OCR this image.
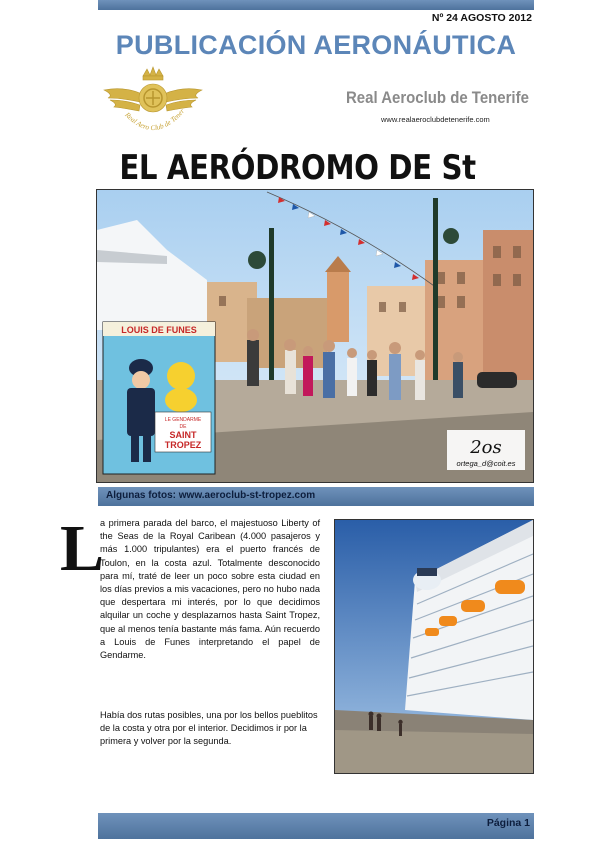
Nº 24 AGOSTO 2012
PUBLICACIÓN AERONÁUTICA
Real Aero Club de Tener
Real Aeroclub de Tenerife
www.realaeroclubdetenerife.com
EL AERÓDROMO DE St
LOUIS DE FUNES
LE GENDARME
DE
SAINT
TROPEZ	2os
ortega_d@coit.es
Algunas fotos: www.aeroclub-st-tropez.com
L
a primera parada del barco, el majestuoso Liberty of the Seas de la Royal Caribean (4.000 pasajeros y más 1.000 tripulantes) era el puerto francés de Toulon, en la costa azul. Totalmente desconocido para mí, traté de leer un poco sobre esta ciudad en los días previos a mis vacaciones, pero no hubo nada que despertara mi interés, por lo que decidimos alquilar un coche y desplazarnos hasta Saint Tropez, que al menos tenía bastante más fama. Aún recuerdo a Louis de Funes interpretando el papel de Gendarme.
Había dos rutas posibles, una por los bellos pueblitos de la costa y otra por el interior. Decidimos ir por la primera y volver por la segunda.
Página 1
